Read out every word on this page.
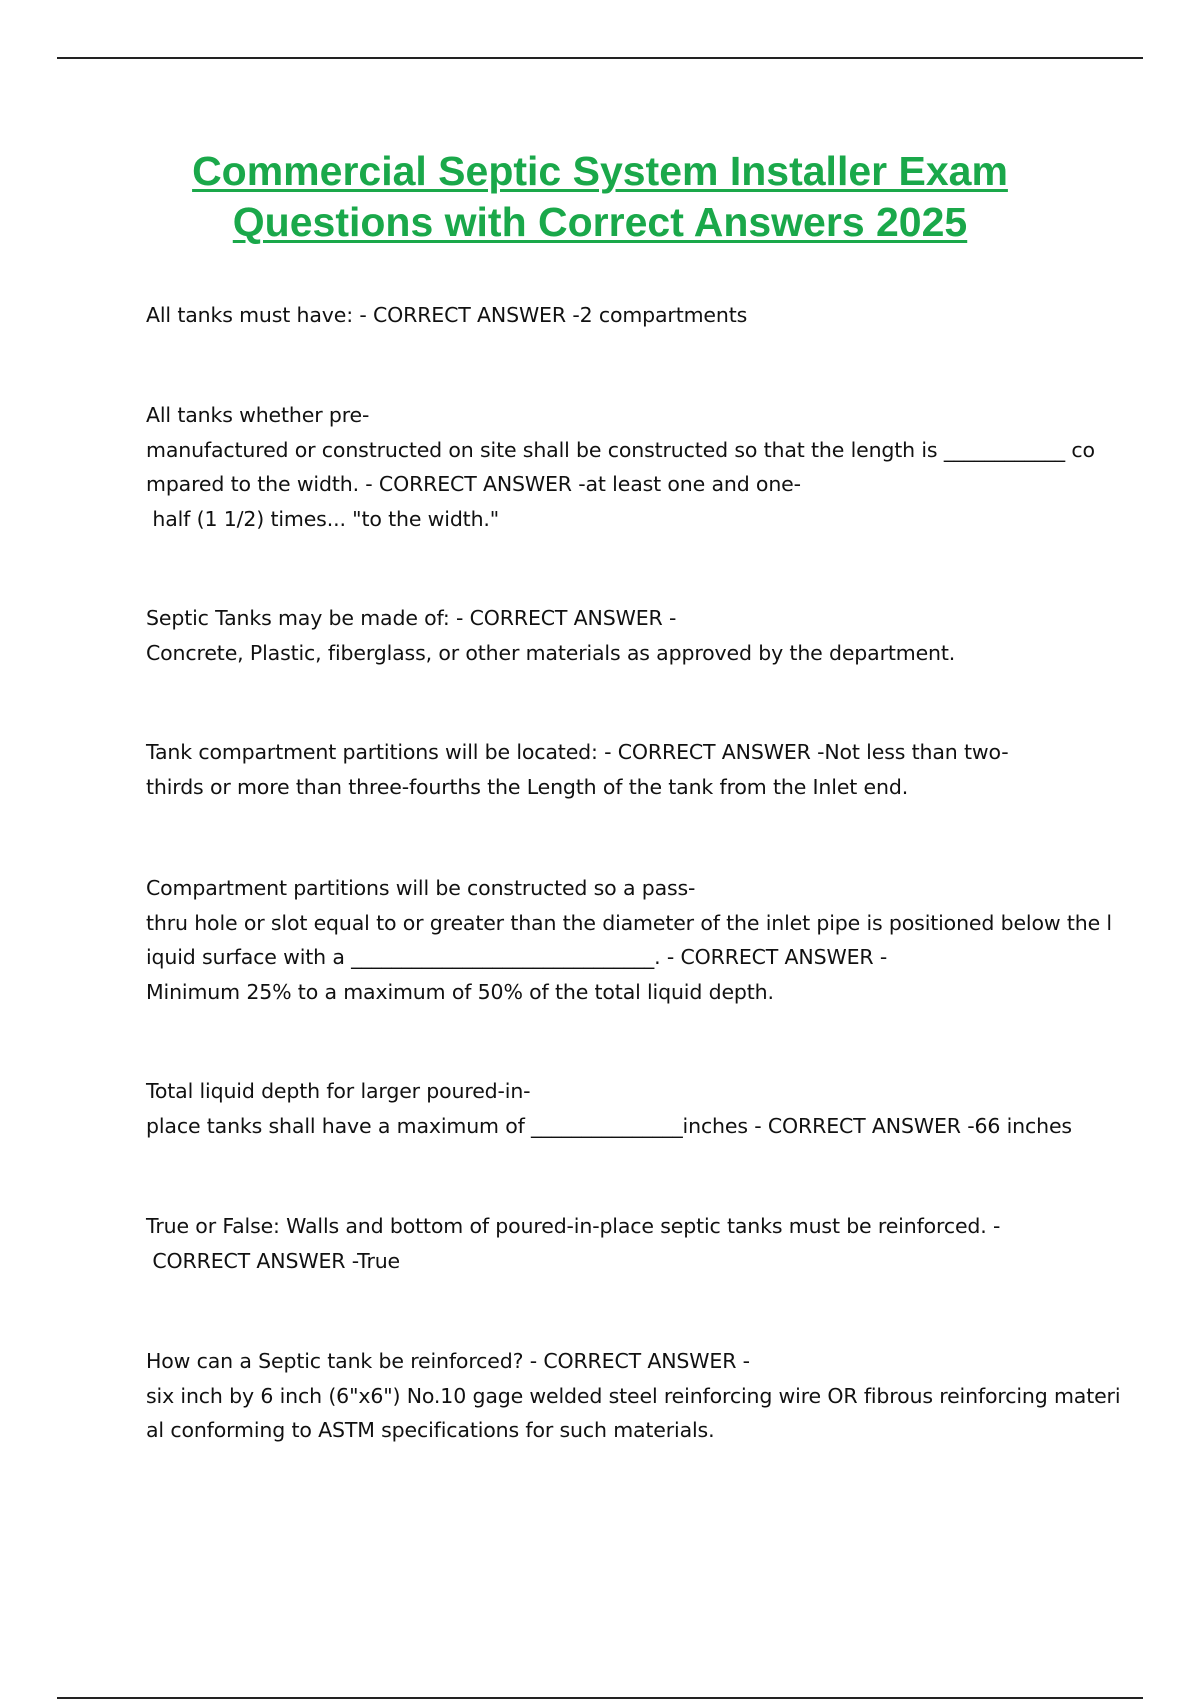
Commercial Septic System Installer Exam
Questions with Correct Answers 2025

All tanks must have: - CORRECT ANSWER -2 compartments

All tanks whether pre-
manufactured or constructed on site shall be constructed so that the length is ____________ co
mpared to the width. - CORRECT ANSWER -at least one and one-
half (1 1/2) times... "to the width."

Septic Tanks may be made of: - CORRECT ANSWER -
Concrete, Plastic, fiberglass, or other materials as approved by the department.

Tank compartment partitions will be located: - CORRECT ANSWER -Not less than two-
thirds or more than three-fourths the Length of the tank from the Inlet end.

Compartment partitions will be constructed so a pass-
thru hole or slot equal to or greater than the diameter of the inlet pipe is positioned below the l
iquid surface with a ______________________________. - CORRECT ANSWER -
Minimum 25% to a maximum of 50% of the total liquid depth.

Total liquid depth for larger poured-in-
place tanks shall have a maximum of _______________inches - CORRECT ANSWER -66 inches

True or False: Walls and bottom of poured-in-place septic tanks must be reinforced. -
CORRECT ANSWER -True

How can a Septic tank be reinforced? - CORRECT ANSWER -
six inch by 6 inch (6"x6") No.10 gage welded steel reinforcing wire OR fibrous reinforcing materi
al conforming to ASTM specifications for such materials.
